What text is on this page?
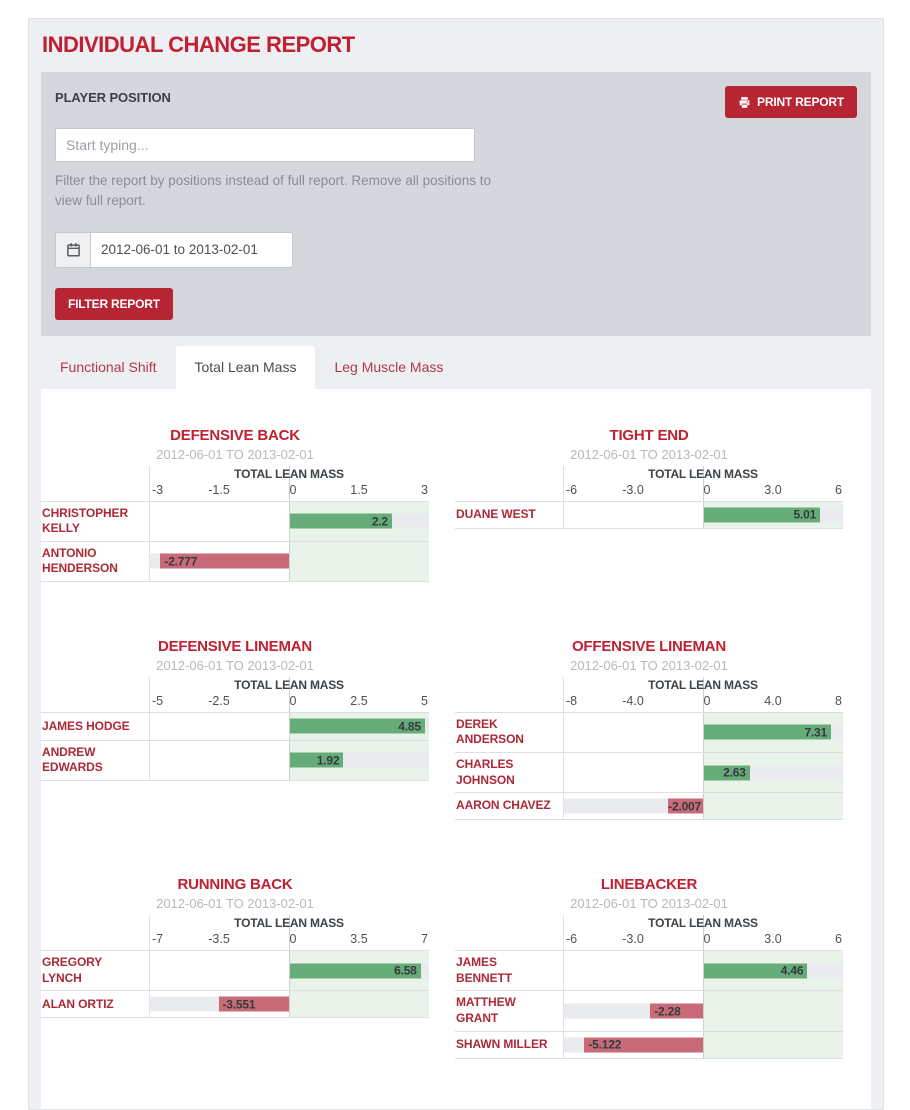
INDIVIDUAL CHANGE REPORT
PLAYER POSITION	PRINT REPORT
Start typing...

Filter the report by positions instead of full report. Remove all positions to view full report.

2012-06-01 to 2013-02-01
FILTER REPORT
Functional Shift	Total Lean Mass	Leg Muscle Mass
DEFENSIVE BACK
2012-06-01 TO 2013-02-01
TOTAL LEAN MASS
-3	-1.5	0	1.5	3
CHRISTOPHER KELLY	2.2
ANTONIO HENDERSON	-2.777
TIGHT END
2012-06-01 TO 2013-02-01
TOTAL LEAN MASS
-6	-3.0	0	3.0	6
DUANE WEST	5.01
DEFENSIVE LINEMAN
2012-06-01 TO 2013-02-01
TOTAL LEAN MASS
-5	-2.5	0	2.5	5
JAMES HODGE	4.85
ANDREW EDWARDS	1.92
OFFENSIVE LINEMAN
2012-06-01 TO 2013-02-01
TOTAL LEAN MASS
-8	-4.0	0	4.0	8
DEREK ANDERSON	7.31
CHARLES JOHNSON	2.63
AARON CHAVEZ	-2.007
RUNNING BACK
2012-06-01 TO 2013-02-01
TOTAL LEAN MASS
-7	-3.5	0	3.5	7
GREGORY LYNCH	6.58
ALAN ORTIZ	-3.551
LINEBACKER
2012-06-01 TO 2013-02-01
TOTAL LEAN MASS
-6	-3.0	0	3.0	6
JAMES BENNETT	4.46
MATTHEW GRANT	-2.28
SHAWN MILLER	-5.122
